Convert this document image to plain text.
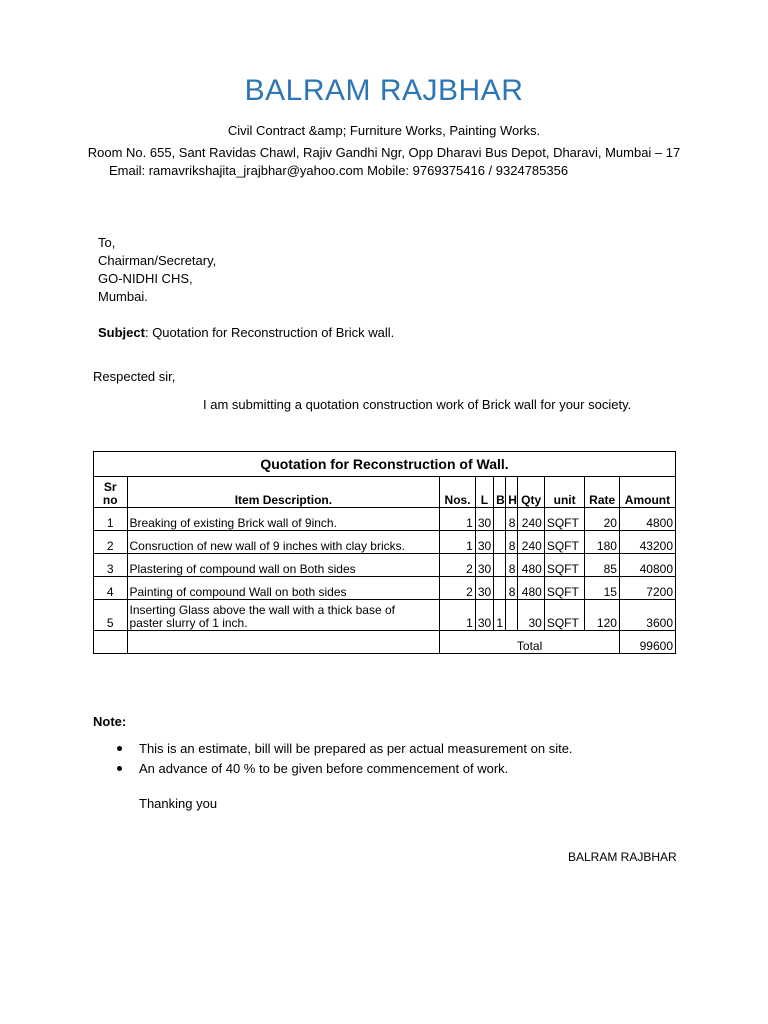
BALRAM RAJBHAR
Civil Contract &amp; Furniture Works, Painting Works.
Room No. 655, Sant Ravidas Chawl, Rajiv Gandhi Ngr, Opp Dharavi Bus Depot, Dharavi, Mumbai – 17
Email: ramavrikshajita_jrajbhar@yahoo.com Mobile: 9769375416 / 9324785356
To,
Chairman/Secretary,
GO-NIDHI CHS,
Mumbai.
Subject: Quotation for Reconstruction of Brick wall.
Respected sir,
I am submitting a quotation construction work of Brick wall for your society.
Quotation for Reconstruction of Wall.									
Sr
no	Item Description.	Nos.	L	B	H	Qty	unit	Rate	Amount
1	Breaking of existing Brick wall of 9inch.	1	30		8	240	SQFT	20	4800
2	Consruction of new wall of 9 inches with clay bricks.	1	30		8	240	SQFT	180	43200
3	Plastering of compound wall on Both sides	2	30		8	480	SQFT	85	40800
4	Painting of compound Wall on both sides	2	30		8	480	SQFT	15	7200
5	Inserting Glass above the wall with a thick base of
paster slurry of 1 inch.	1	30	1		30	SQFT	120	3600
		Total							99600
Note:
This is an estimate, bill will be prepared as per actual measurement on site.
An advance of 40 % to be given before commencement of work.
Thanking you
BALRAM RAJBHAR
